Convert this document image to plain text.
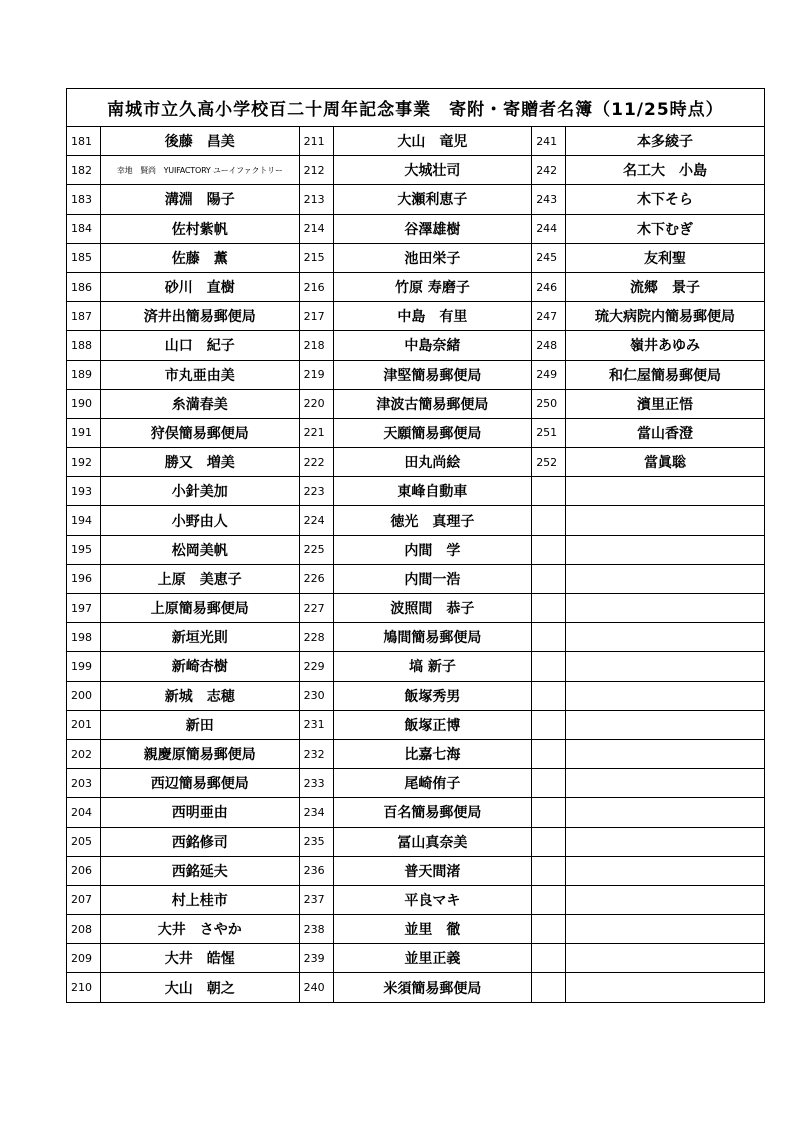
南城市立久高小学校百二十周年記念事業　寄附・寄贈者名簿（11/25時点）					
181	後藤　昌美	211	大山　竜児	241	本多綾子
182	幸地　賢尚　YUIFACTORY ユーイファクトリー	212	大城壮司	242	名工大　小島
183	溝淵　陽子	213	大瀬利恵子	243	木下そら
184	佐村紫帆	214	谷澤雄樹	244	木下むぎ
185	佐藤　薫	215	池田栄子	245	友利聖
186	砂川　直樹	216	竹原 寿磨子	246	流郷　景子
187	済井出簡易郵便局	217	中島　有里	247	琉大病院内簡易郵便局
188	山口　紀子	218	中島奈緒	248	嶺井あゆみ
189	市丸亜由美	219	津堅簡易郵便局	249	和仁屋簡易郵便局
190	糸満春美	220	津波古簡易郵便局	250	濱里正悟
191	狩俣簡易郵便局	221	天願簡易郵便局	251	當山香澄
192	勝又　増美	222	田丸尚絵	252	當眞聡
193	小針美加	223	東峰自動車		
194	小野由人	224	徳光　真理子		
195	松岡美帆	225	内間　学		
196	上原　美恵子	226	内間一浩		
197	上原簡易郵便局	227	波照間　恭子		
198	新垣光則	228	鳩間簡易郵便局		
199	新崎杏樹	229	塙 新子		
200	新城　志穂	230	飯塚秀男		
201	新田	231	飯塚正博		
202	親慶原簡易郵便局	232	比嘉七海		
203	西辺簡易郵便局	233	尾崎侑子		
204	西明亜由	234	百名簡易郵便局		
205	西銘修司	235	冨山真奈美		
206	西銘延夫	236	普天間渚		
207	村上桂市	237	平良マキ		
208	大井　さやか	238	並里　徹		
209	大井　皓惺	239	並里正義		
210	大山　朝之	240	米須簡易郵便局		
